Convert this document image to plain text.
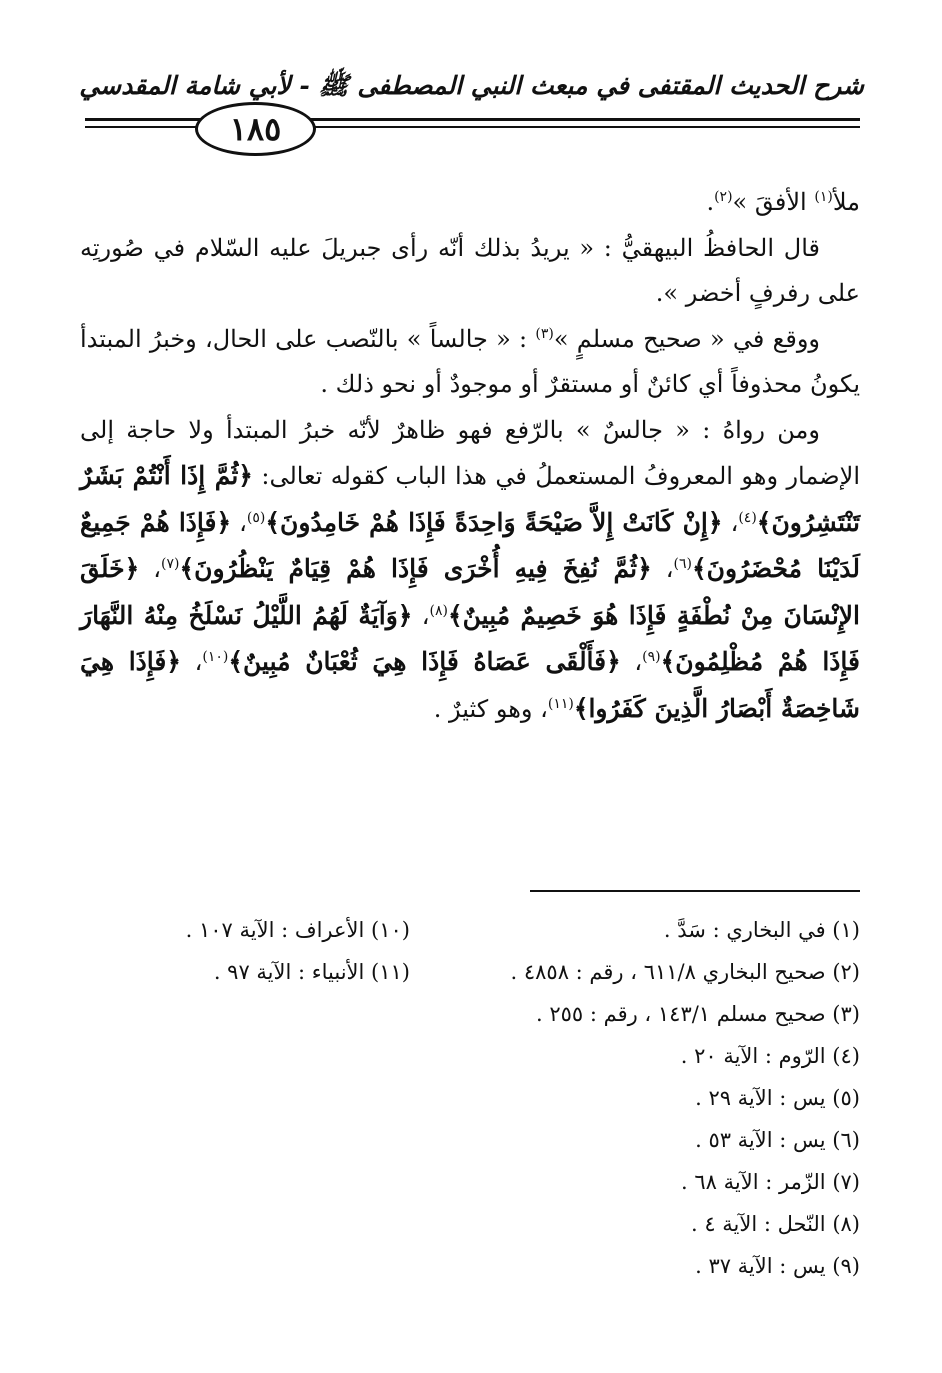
شرح الحديث المقتفى في مبعث النبي المصطفى ﷺ - لأبي شامة المقدسي
١٨٥

ملأ$^{(١)}$ الأفقَ »$^{(٢)}$.

قال الحافظُ البيهقيُّ : « يريدُ بذلك أنّه رأى جبريلَ عليه السّلام في صُورتِه على رفرفٍ أخضر ».

ووقع في « صحيح مسلمٍ »$^{(٣)}$ : « جالساً » بالنّصب على الحال، وخبرُ المبتدأ يكونُ محذوفاً أي كائنٌ أو مستقرٌ أو موجودٌ أو نحو ذلك .

ومن رواهُ : « جالسٌ » بالرّفع فهو ظاهرٌ لأنّه خبرُ المبتدأ ولا حاجة إلى الإضمار وهو المعروفُ المستعملُ في هذا الباب كقوله تعالى: ﴿ثُمَّ إِذَا أَنْتُمْ بَشَرٌ تَنْتَشِرُونَ﴾$^{(٤)}$، ﴿إِنْ كَانَتْ إِلاَّ صَيْحَةً وَاحِدَةً فَإِذَا هُمْ خَامِدُونَ﴾$^{(٥)}$، ﴿فَإِذَا هُمْ جَمِيعٌ لَدَيْنَا مُحْضَرُونَ﴾$^{(٦)}$، ﴿ثُمَّ نُفِخَ فِيهِ أُخْرَى فَإِذَا هُمْ قِيَامٌ يَنْظُرُونَ﴾$^{(٧)}$، ﴿خَلَقَ الإِنْسَانَ مِنْ نُطْفَةٍ فَإِذَا هُوَ خَصِيمٌ مُبِينٌ﴾$^{(٨)}$، ﴿وَآيَةٌ لَهُمُ اللَّيْلُ نَسْلَخُ مِنْهُ النَّهَارَ فَإِذَا هُمْ مُظْلِمُونَ﴾$^{(٩)}$، ﴿فَأَلْقَى عَصَاهُ فَإِذَا هِيَ ثُعْبَانٌ مُبِينٌ﴾$^{(١٠)}$، ﴿فَإِذَا هِيَ شَاخِصَةٌ أَبْصَارُ الَّذِينَ كَفَرُوا﴾$^{(١١)}$، وهو كثيرٌ .

(١) في البخاري : سَدَّ .
(٢) صحيح البخاري ٦١١/٨ ، رقم : ٤٨٥٨ .
(٣) صحيح مسلم ١٤٣/١ ، رقم : ٢٥٥ .
(٤) الرّوم : الآية ٢٠ .
(٥) يس : الآية ٢٩ .
(٦) يس : الآية ٥٣ .
(٧) الزّمر : الآية ٦٨ .
(٨) النّحل : الآية ٤ .
(٩) يس : الآية ٣٧ .
(١٠) الأعراف : الآية ١٠٧ .
(١١) الأنبياء : الآية ٩٧ .
